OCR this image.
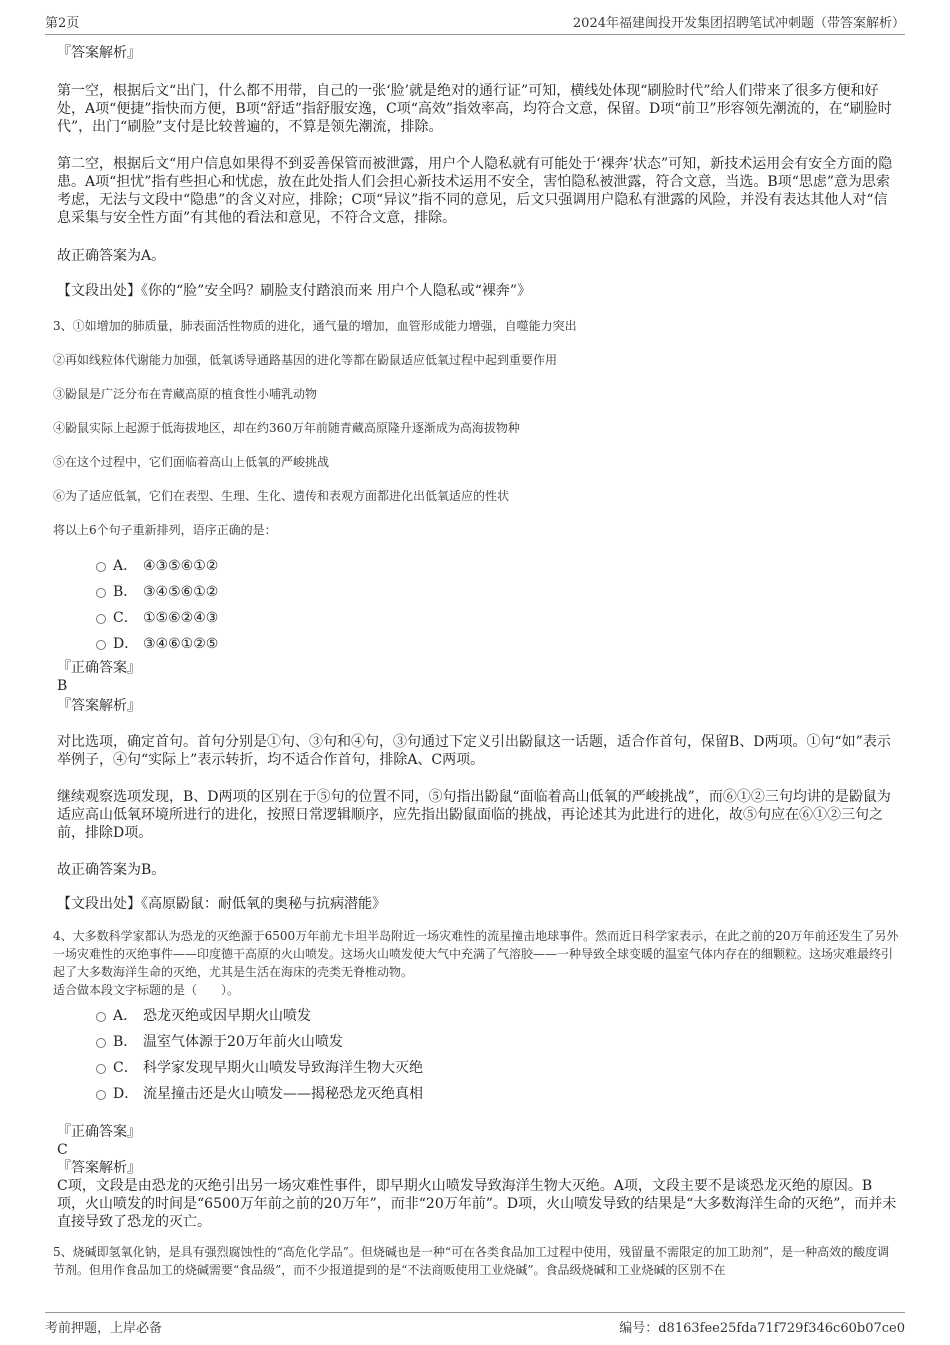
第2页	2024年福建闽投开发集团招聘笔试冲刺题（带答案解析）

『答案解析』

第一空，根据后文“出门，什么都不用带，自己的一张‘脸’就是绝对的通行证”可知，横线处体现“刷脸时代”给人们带来了很多方便和好处，A项“便捷”指快而方便，B项“舒适”指舒服安逸，C项“高效”指效率高，均符合文意，保留。D项“前卫”形容领先潮流的，在“刷脸时代”，出门“刷脸”支付是比较普遍的，不算是领先潮流，排除。

第二空，根据后文“用户信息如果得不到妥善保管而被泄露，用户个人隐私就有可能处于‘裸奔’状态”可知，新技术运用会有安全方面的隐患。A项“担忧”指有些担心和忧虑，放在此处指人们会担心新技术运用不安全，害怕隐私被泄露，符合文意，当选。B项“思虑”意为思索考虑，无法与文段中“隐患”的含义对应，排除；C项“异议”指不同的意见，后文只强调用户隐私有泄露的风险，并没有表达其他人对“信息采集与安全性方面”有其他的看法和意见，不符合文意，排除。

故正确答案为A。

【文段出处】《你的“脸”安全吗？刷脸支付踏浪而来 用户个人隐私或“裸奔”》

3、①如增加的肺质量，肺表面活性物质的进化，通气量的增加，血管形成能力增强，自噬能力突出

②再如线粒体代谢能力加强，低氧诱导通路基因的进化等都在鼢鼠适应低氧过程中起到重要作用

③鼢鼠是广泛分布在青藏高原的植食性小哺乳动物

④鼢鼠实际上起源于低海拔地区，却在约360万年前随青藏高原隆升逐渐成为高海拔物种

⑤在这个过程中，它们面临着高山上低氧的严峻挑战

⑥为了适应低氧，它们在表型、生理、生化、遗传和表观方面都进化出低氧适应的性状

将以上6个句子重新排列，语序正确的是：

A． ④③⑤⑥①②
B． ③④⑤⑥①②
C． ①⑤⑥②④③
D． ③④⑥①②⑤

『正确答案』

B

『答案解析』

对比选项，确定首句。首句分别是①句、③句和④句，③句通过下定义引出鼢鼠这一话题，适合作首句，保留B、D两项。①句“如”表示举例子，④句“实际上”表示转折，均不适合作首句，排除A、C两项。

继续观察选项发现，B、D两项的区别在于⑤句的位置不同，⑤句指出鼢鼠“面临着高山低氧的严峻挑战”，而⑥①②三句均讲的是鼢鼠为适应高山低氧环境所进行的进化，按照日常逻辑顺序，应先指出鼢鼠面临的挑战，再论述其为此进行的进化，故⑤句应在⑥①②三句之前，排除D项。

故正确答案为B。

【文段出处】《高原鼢鼠：耐低氧的奥秘与抗病潜能》

4、大多数科学家都认为恐龙的灭绝源于6500万年前尤卡坦半岛附近一场灾难性的流星撞击地球事件。然而近日科学家表示，在此之前的20万年前还发生了另外一场灾难性的灭绝事件——印度德干高原的火山喷发。这场火山喷发使大气中充满了气溶胶——一种导致全球变暖的温室气体内存在的细颗粒。这场灾难最终引起了大多数海洋生命的灭绝，尤其是生活在海床的壳类无脊椎动物。

适合做本段文字标题的是（　　）。

A． 恐龙灭绝或因早期火山喷发
B． 温室气体源于20万年前火山喷发
C． 科学家发现早期火山喷发导致海洋生物大灭绝
D． 流星撞击还是火山喷发——揭秘恐龙灭绝真相

『正确答案』

C

『答案解析』

C项，文段是由恐龙的灭绝引出另一场灾难性事件，即早期火山喷发导致海洋生物大灭绝。A项，文段主要不是谈恐龙灭绝的原因。B项，火山喷发的时间是“6500万年前之前的20万年”，而非“20万年前”。D项，火山喷发导致的结果是“大多数海洋生命的灭绝”，而并未直接导致了恐龙的灭亡。

5、烧碱即氢氧化钠，是具有强烈腐蚀性的“高危化学品”。但烧碱也是一种“可在各类食品加工过程中使用，残留量不需限定的加工助剂”，是一种高效的酸度调节剂。但用作食品加工的烧碱需要“食品级”，而不少报道提到的是“不法商贩使用工业烧碱”。食品级烧碱和工业烧碱的区别不在

考前押题，上岸必备	编号：d8163fee25fda71f729f346c60b07ce0
